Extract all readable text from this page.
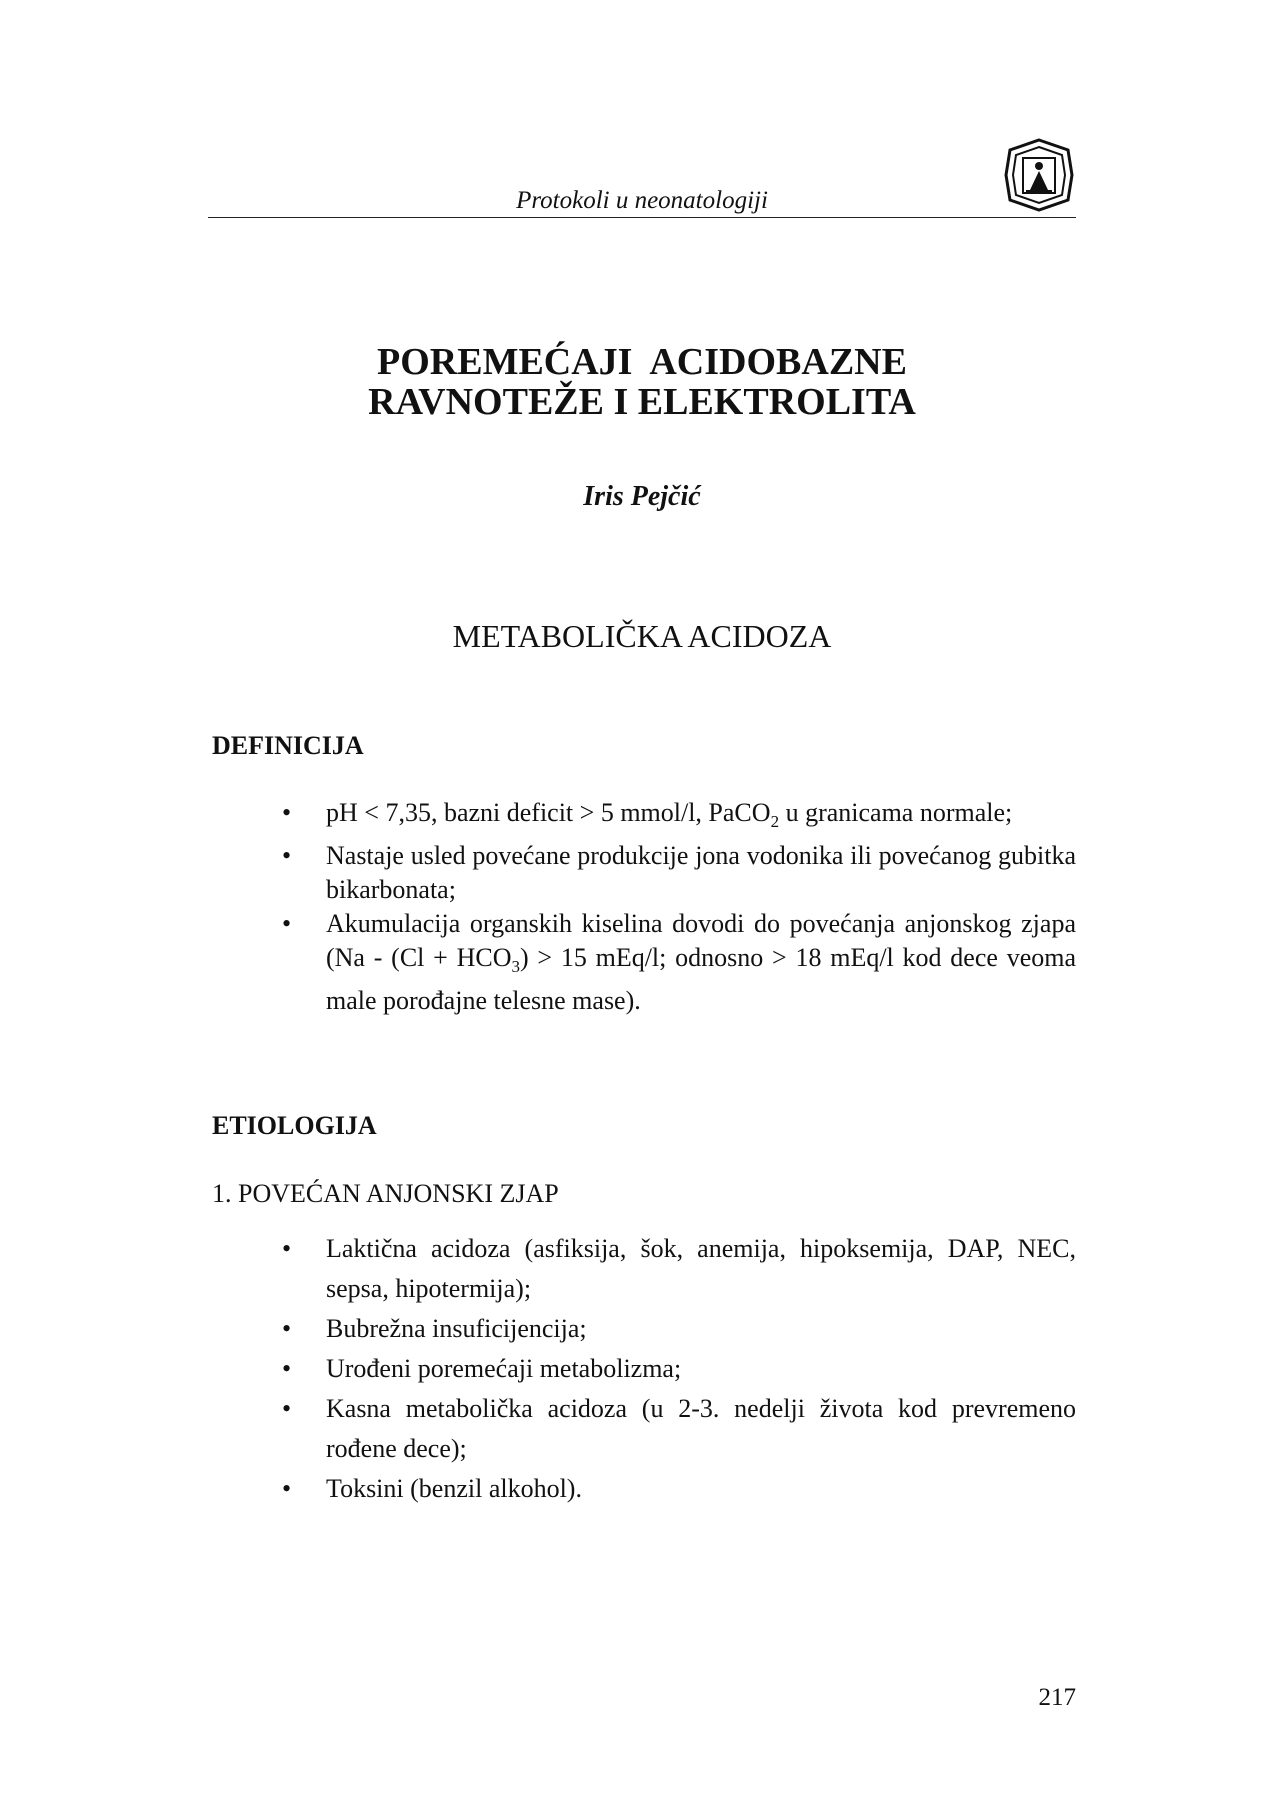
Protokoli u neonatologiji
POREMEĆAJI  ACIDOBAZNE
RAVNOTEŽE I ELEKTROLITA
Iris Pejčić
METABOLIČKA ACIDOZA
DEFINICIJA
• pH < 7,35, bazni deficit > 5 mmol/l, PaCO$_2$ u granicama normale;
• Nastaje usled povećane produkcije jona vodonika ili povećanog gubitka bikarbonata;
• Akumulacija organskih kiselina dovodi do povećanja anjonskog zjapa ($Na - (Cl + HCO_3) > 15$ mEq/l; odnosno > 18 mEq/l kod dece veoma male porođajne telesne mase).
ETIOLOGIJA
1. POVEĆAN ANJONSKI ZJAP
• Laktična acidoza (asfiksija, šok, anemija, hipoksemija, DAP, NEC, sepsa, hipotermija);
• Bubrežna insuficijencija;
• Urođeni poremećaji metabolizma;
• Kasna metabolička acidoza (u 2-3. nedelji života kod prevremeno rođene dece);
• Toksini (benzil alkohol).
217
